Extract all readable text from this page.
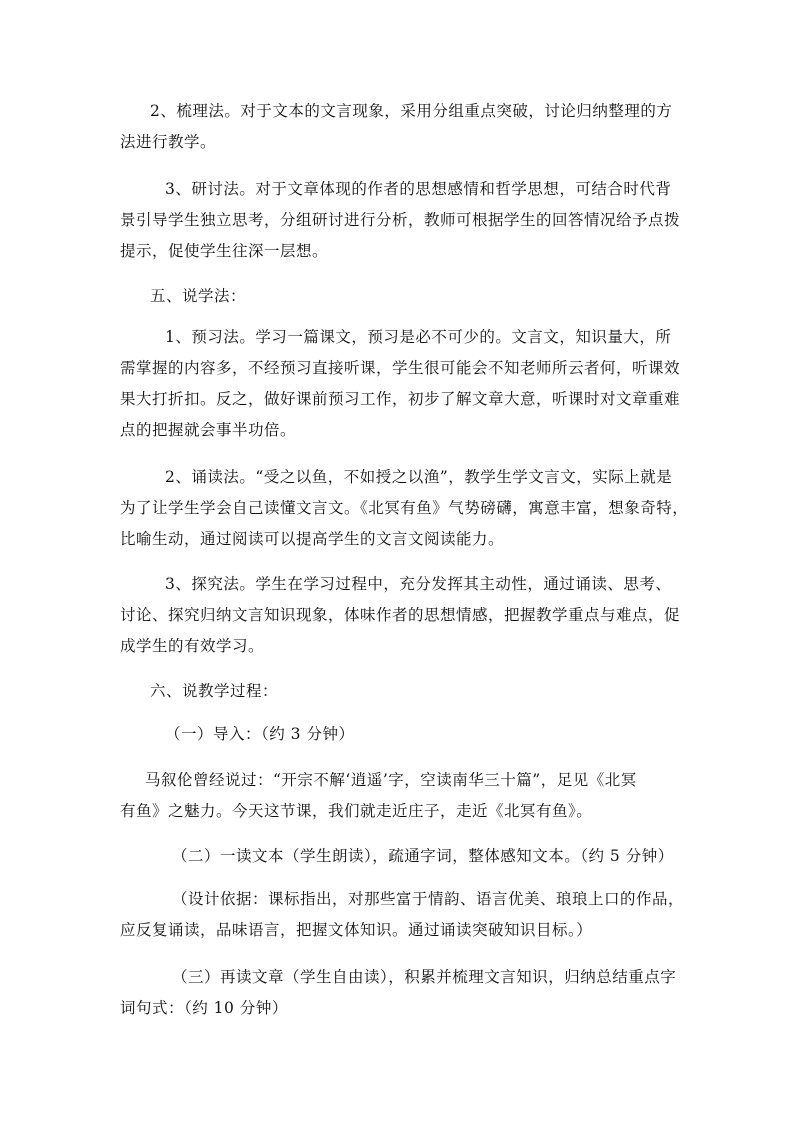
2、梳理法。对于文本的文言现象，采用分组重点突破，讨论归纳整理的方
法进行教学。
3、研讨法。对于文章体现的作者的思想感情和哲学思想，可结合时代背
景引导学生独立思考，分组研讨进行分析，教师可根据学生的回答情况给予点拨
提示，促使学生往深一层想。
五、说学法：
1、预习法。学习一篇课文，预习是必不可少的。文言文，知识量大，所
需掌握的内容多，不经预习直接听课，学生很可能会不知老师所云者何，听课效
果大打折扣。反之，做好课前预习工作，初步了解文章大意，听课时对文章重难
点的把握就会事半功倍。
2、诵读法。“受之以鱼，不如授之以渔”，教学生学文言文，实际上就是
为了让学生学会自己读懂文言文。《北冥有鱼》气势磅礴，寓意丰富，想象奇特，
比喻生动，通过阅读可以提高学生的文言文阅读能力。
3、探究法。学生在学习过程中，充分发挥其主动性，通过诵读、思考、
讨论、探究归纳文言知识现象，体味作者的思想情感，把握教学重点与难点，促
成学生的有效学习。
六、说教学过程：
（一）导入：（约 3 分钟）
马叙伦曾经说过：“开宗不解‘逍遥’字，空读南华三十篇”，足见《北冥
有鱼》之魅力。今天这节课，我们就走近庄子，走近《北冥有鱼》。
（二）一读文本（学生朗读），疏通字词，整体感知文本。（约 5 分钟）
（设计依据：课标指出，对那些富于情韵、语言优美、琅琅上口的作品，
应反复诵读，品味语言，把握文体知识。通过诵读突破知识目标。）
（三）再读文章（学生自由读），积累并梳理文言知识，归纳总结重点字
词句式：（约 10 分钟）
